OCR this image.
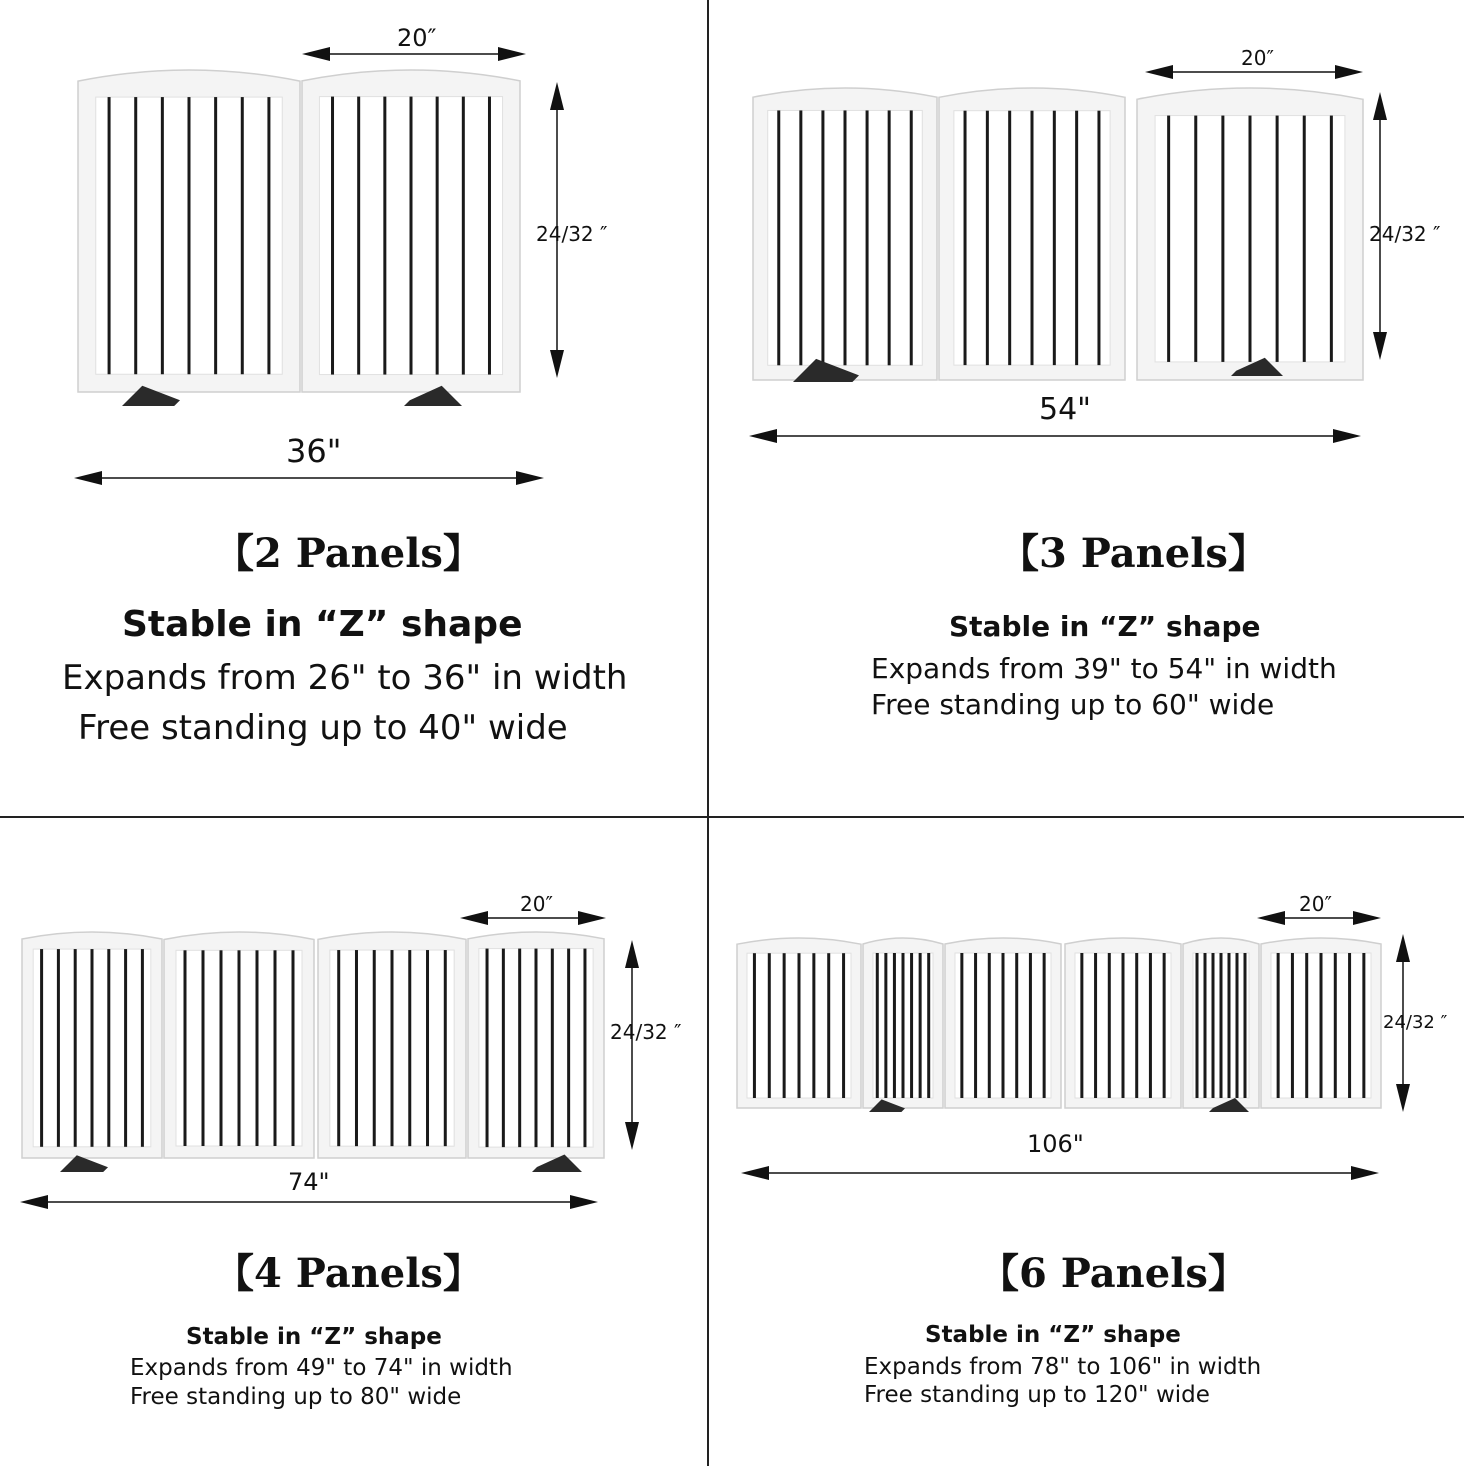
20″
24/32 ″
36"
【2 Panels】
Stable in “Z” shape
Expands from 26" to 36" in width
Free standing up to 40" wide
20″
24/32 ″
54"
【3 Panels】
Stable in “Z” shape
Expands from 39" to 54" in width
Free standing up to 60" wide
20″
24/32 ″
74"
【4 Panels】
Stable in “Z” shape
Expands from 49" to 74" in width
Free standing up to 80" wide
20″
24/32 ″
106"
【6 Panels】
Stable in “Z” shape
Expands from 78" to 106" in width
Free standing up to 120" wide
